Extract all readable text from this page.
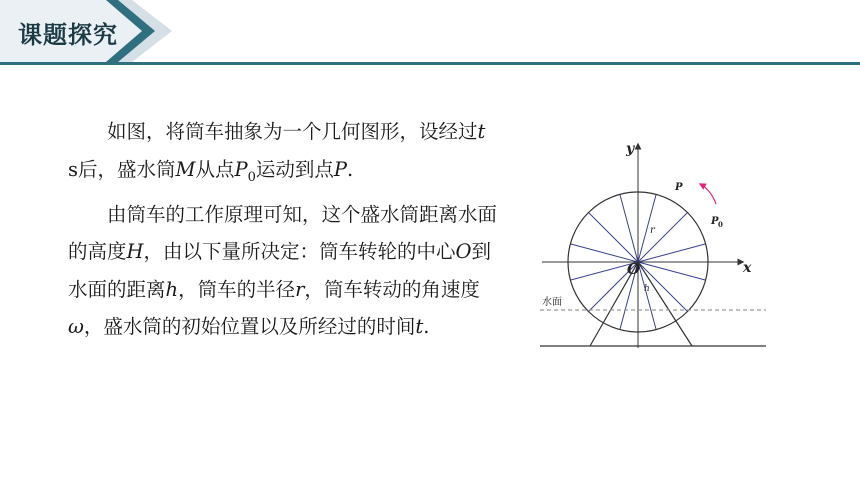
课题探究

如图，将筒车抽象为一个几何图形，设经过t s后，盛水筒M从点$P_0$运动到点P.

由筒车的工作原理可知，这个盛水筒距离水面的高度H，由以下量所决定：筒车转轮的中心O到水面的距离h，筒车的半径r，筒车转动的角速度ω，盛水筒的初始位置以及所经过的时间t.

y
x
O
P
P 0
r
h
水面
